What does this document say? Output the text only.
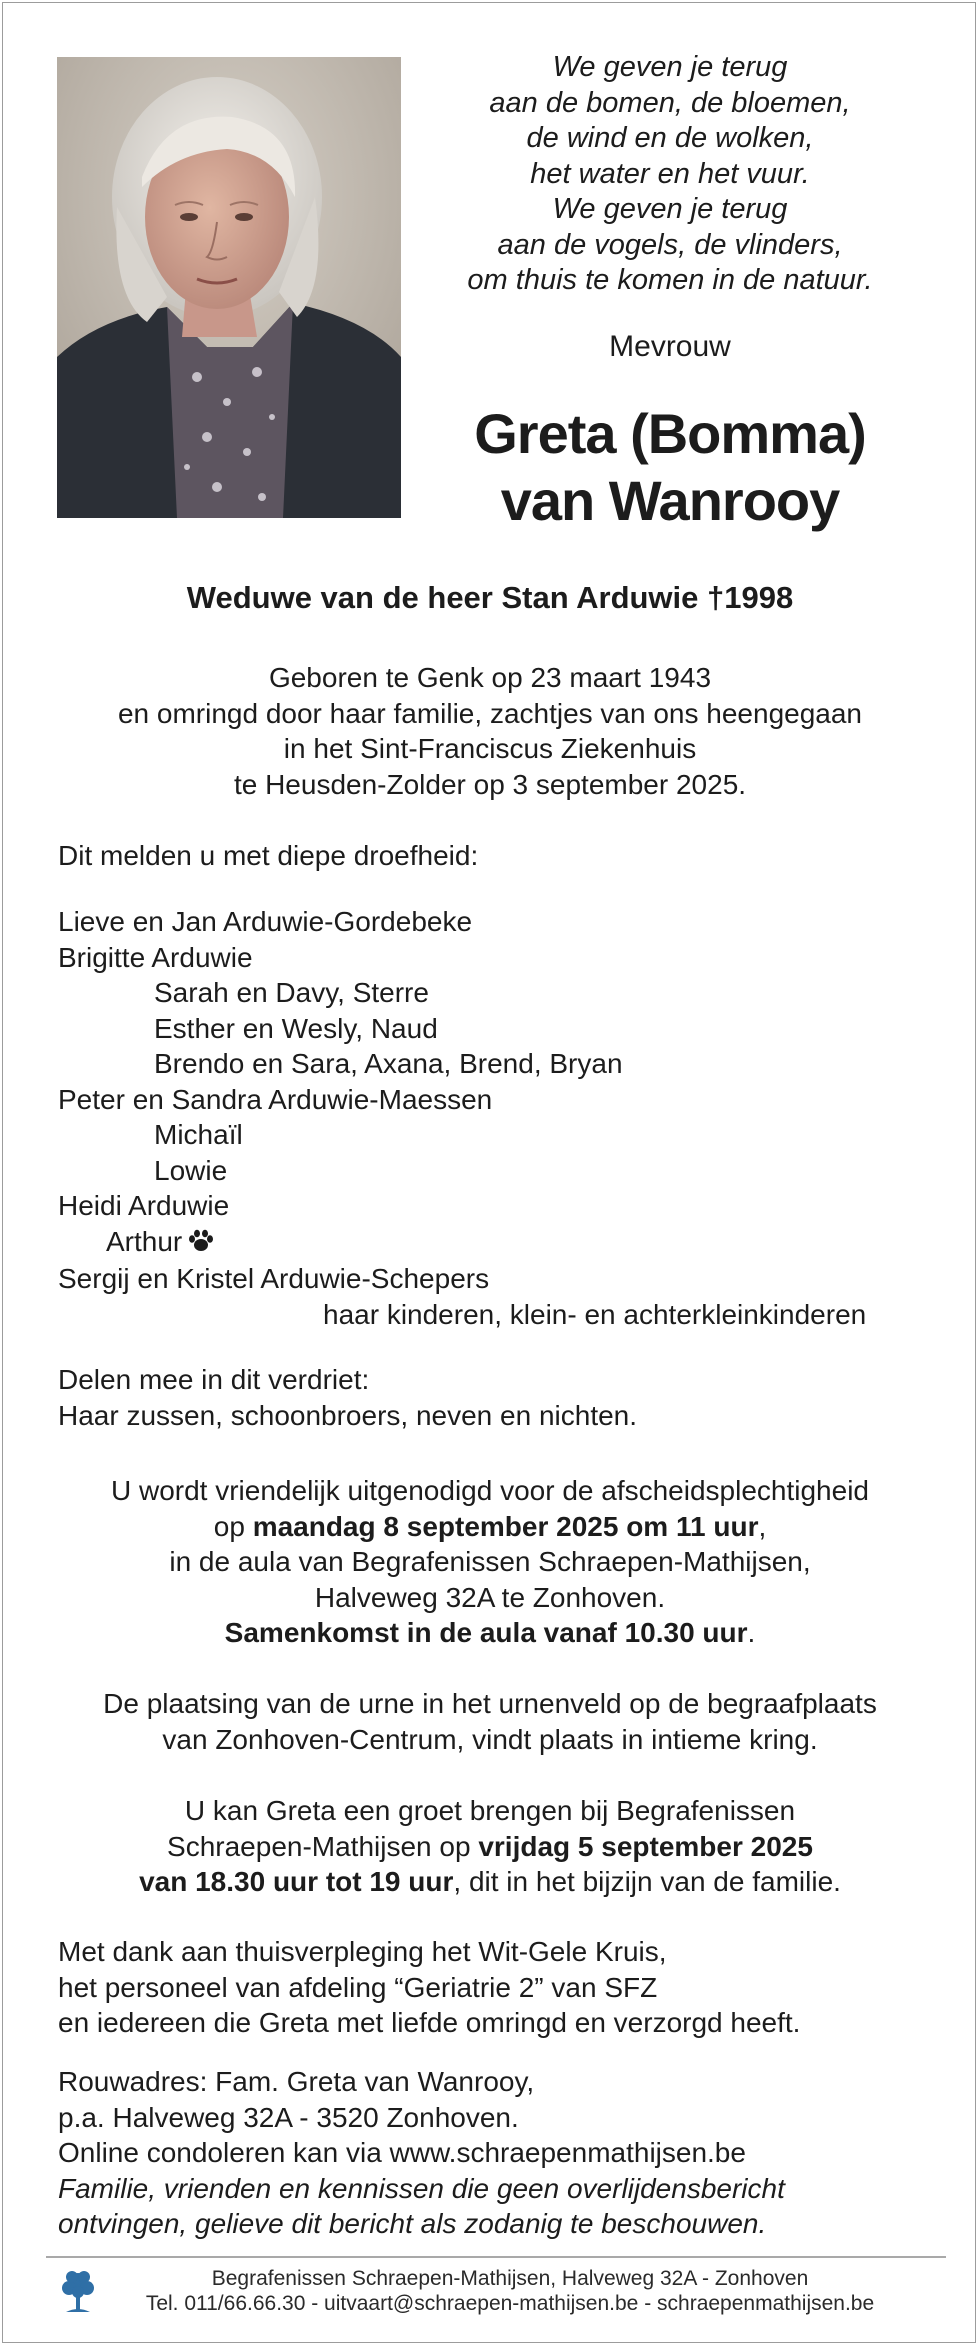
We geven je terug
aan de bomen, de bloemen,
de wind en de wolken,
het water en het vuur.
We geven je terug
aan de vogels, de vlinders,
om thuis te komen in de natuur.
Mevrouw
Greta (Bomma)
van Wanrooy
Weduwe van de heer Stan Arduwie †1998
Geboren te Genk op 23 maart 1943
en omringd door haar familie, zachtjes van ons heengegaan
in het Sint-Franciscus Ziekenhuis
te Heusden-Zolder op 3 september 2025.
Dit melden u met diepe droefheid:
Lieve en Jan Arduwie-Gordebeke
Brigitte Arduwie
Sarah en Davy, Sterre
Esther en Wesly, Naud
Brendo en Sara, Axana, Brend, Bryan
Peter en Sandra Arduwie-Maessen
Michaïl
Lowie
Heidi Arduwie
Arthur
Sergij en Kristel Arduwie-Schepers
haar kinderen, klein- en achterkleinkinderen
Delen mee in dit verdriet:
Haar zussen, schoonbroers, neven en nichten.
U wordt vriendelijk uitgenodigd voor de afscheidsplechtigheid
op maandag 8 september 2025 om 11 uur,
in de aula van Begrafenissen Schraepen-Mathijsen,
Halveweg 32A te Zonhoven.
Samenkomst in de aula vanaf 10.30 uur.
De plaatsing van de urne in het urnenveld op de begraafplaats
van Zonhoven-Centrum, vindt plaats in intieme kring.
U kan Greta een groet brengen bij Begrafenissen
Schraepen-Mathijsen op vrijdag 5 september 2025
van 18.30 uur tot 19 uur, dit in het bijzijn van de familie.
Met dank aan thuisverpleging het Wit-Gele Kruis,
het personeel van afdeling “Geriatrie 2” van SFZ
en iedereen die Greta met liefde omringd en verzorgd heeft.
Rouwadres: Fam. Greta van Wanrooy,
p.a. Halveweg 32A - 3520 Zonhoven.
Online condoleren kan via www.schraepenmathijsen.be
Familie, vrienden en kennissen die geen overlijdensbericht
ontvingen, gelieve dit bericht als zodanig te beschouwen.
Begrafenissen Schraepen-Mathijsen, Halveweg 32A - Zonhoven
Tel. 011/66.66.30 - uitvaart@schraepen-mathijsen.be - schraepenmathijsen.be
